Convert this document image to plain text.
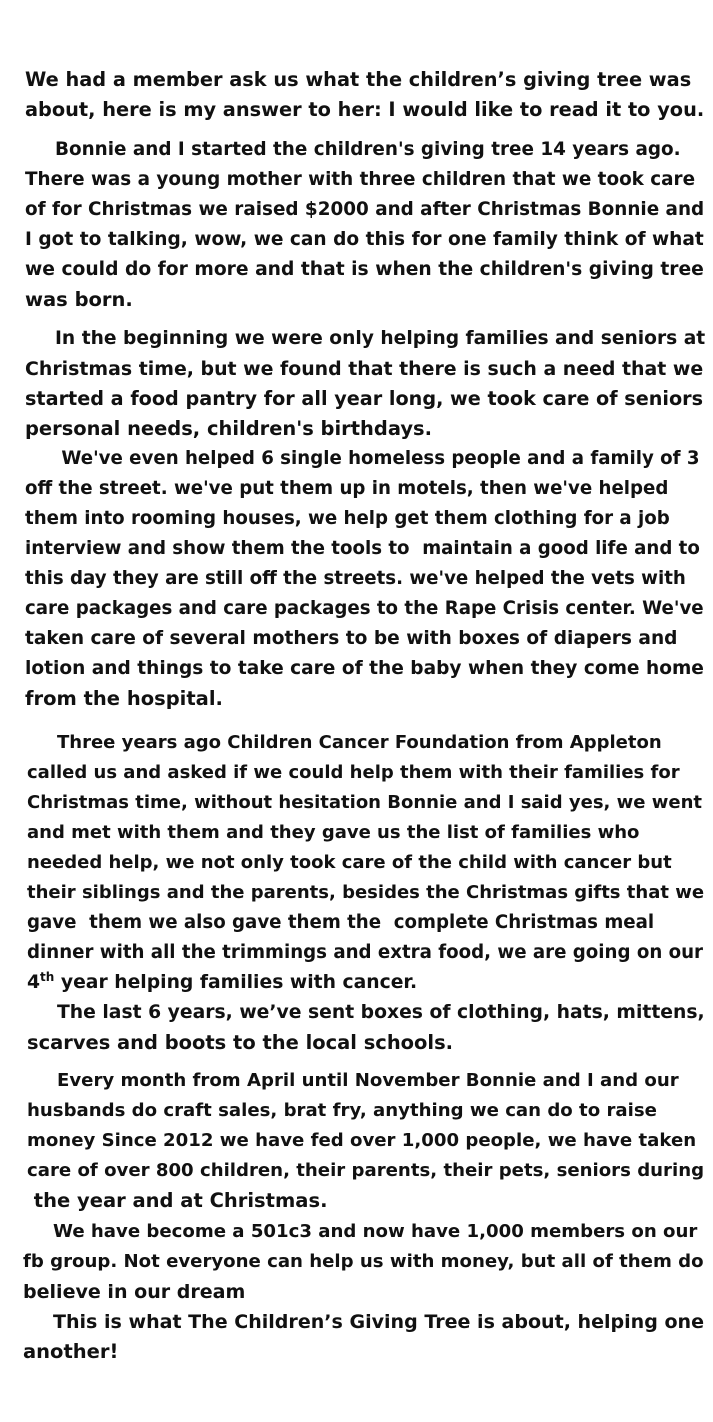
We had a member ask us what the children’s giving tree was
about, here is my answer to her: I would like to read it to you.
Bonnie and I started the children's giving tree 14 years ago.
There was a young mother with three children that we took care
of for Christmas we raised $2000 and after Christmas Bonnie and
I got to talking, wow, we can do this for one family think of what
we could do for more and that is when the children's giving tree
was born.
In the beginning we were only helping families and seniors at
Christmas time, but we found that there is such a need that we
started a food pantry for all year long, we took care of seniors
personal needs, children's birthdays.
We've even helped 6 single homeless people and a family of 3
off the street. we've put them up in motels, then we've helped
them into rooming houses, we help get them clothing for a job
interview and show them the tools to  maintain a good life and to
this day they are still off the streets. we've helped the vets with
care packages and care packages to the Rape Crisis center. We've
taken care of several mothers to be with boxes of diapers and
lotion and things to take care of the baby when they come home
from the hospital.
Three years ago Children Cancer Foundation from Appleton
called us and asked if we could help them with their families for
Christmas time, without hesitation Bonnie and I said yes, we went
and met with them and they gave us the list of families who
needed help, we not only took care of the child with cancer but
their siblings and the parents, besides the Christmas gifts that we
gave  them we also gave them the  complete Christmas meal
dinner with all the trimmings and extra food, we are going on our
4th year helping families with cancer.
The last 6 years, we’ve sent boxes of clothing, hats, mittens,
scarves and boots to the local schools.
Every month from April until November Bonnie and I and our
husbands do craft sales, brat fry, anything we can do to raise
money Since 2012 we have fed over 1,000 people, we have taken
care of over 800 children, their parents, their pets, seniors during
the year and at Christmas.
We have become a 501c3 and now have 1,000 members on our
fb group. Not everyone can help us with money, but all of them do
believe in our dream
This is what The Children’s Giving Tree is about, helping one
another!
